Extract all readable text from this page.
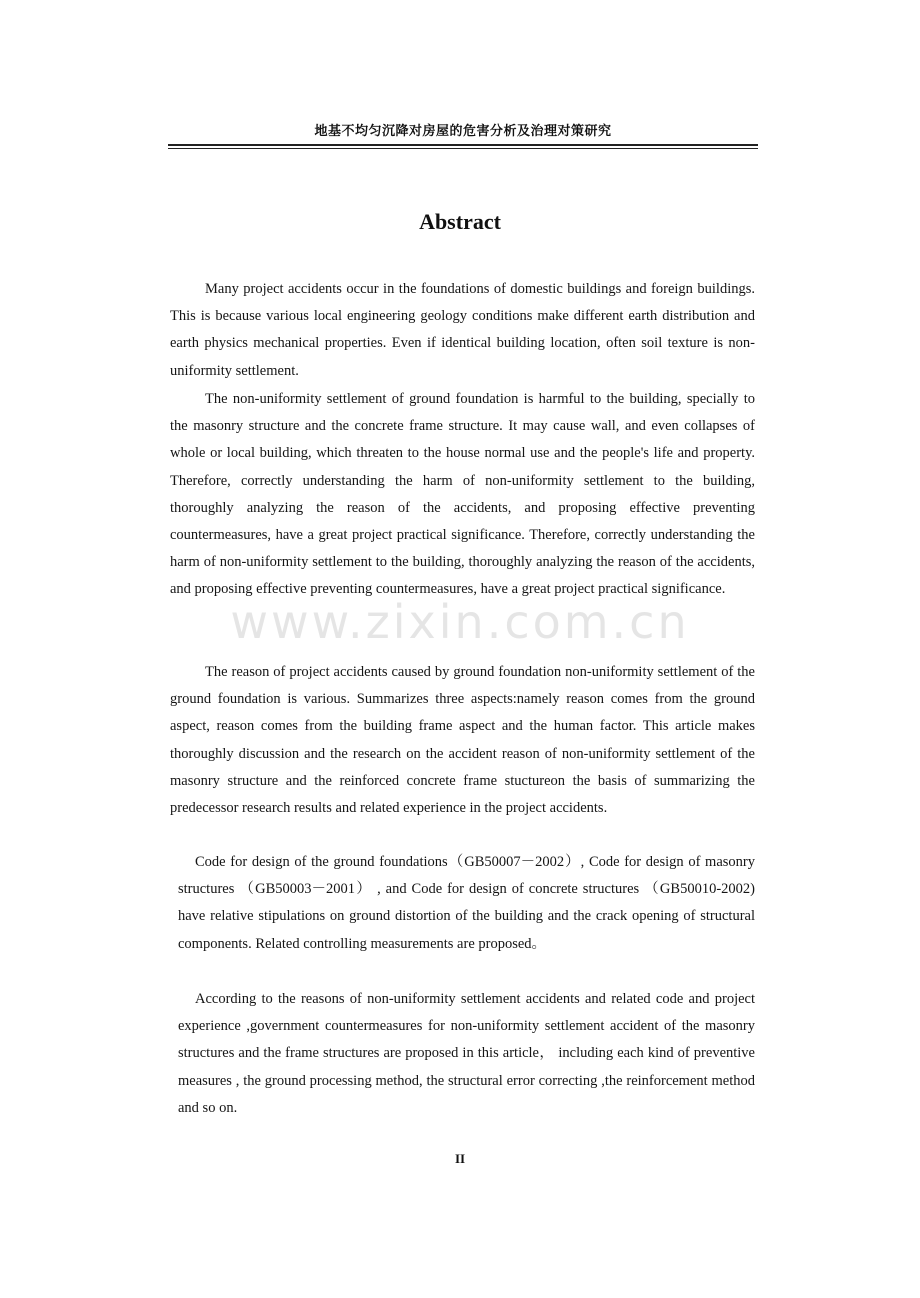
地基不均匀沉降对房屋的危害分析及治理对策研究
Abstract

Many project accidents occur in the foundations of domestic buildings and foreign buildings. This is because various local engineering geology conditions make different earth distribution and earth physics mechanical properties. Even if identical building location, often soil texture is non-uniformity settlement.

The non-uniformity settlement of ground foundation is harmful to the building, specially to the masonry structure and the concrete frame structure. It may cause wall, and even collapses of whole or local building, which threaten to the house normal use and the people's life and property. Therefore, correctly understanding the harm of non-uniformity settlement to the building, thoroughly analyzing the reason of the accidents, and proposing effective preventing countermeasures, have a great project practical significance. Therefore, correctly understanding the harm of non-uniformity settlement to the building, thoroughly analyzing the reason of the accidents, and proposing effective preventing countermeasures, have a great project practical significance.

The reason of project accidents caused by ground foundation non-uniformity settlement of the ground foundation is various. Summarizes three aspects:namely reason comes from the ground aspect, reason comes from the building frame aspect and the human factor. This article makes thoroughly discussion and the research on the accident reason of non-uniformity settlement of the masonry structure and the reinforced concrete frame stuctureon the basis of summarizing the predecessor research results and related experience in the project accidents.

Code for design of the ground foundations（GB50007－2002）, Code for design of masonry structures （GB50003－2001） , and Code for design of concrete structures （GB50010-2002) have relative stipulations on ground distortion of the building and the crack opening of structural components. Related controlling measurements are proposed。

According to the reasons of non-uniformity settlement accidents and related code and project experience ,government countermeasures for non-uniformity settlement accident of the masonry structures and the frame structures are proposed in this article， including each kind of preventive measures , the ground processing method, the structural error correcting ,the reinforcement method and so on.

www.zixin.com.cn
II
